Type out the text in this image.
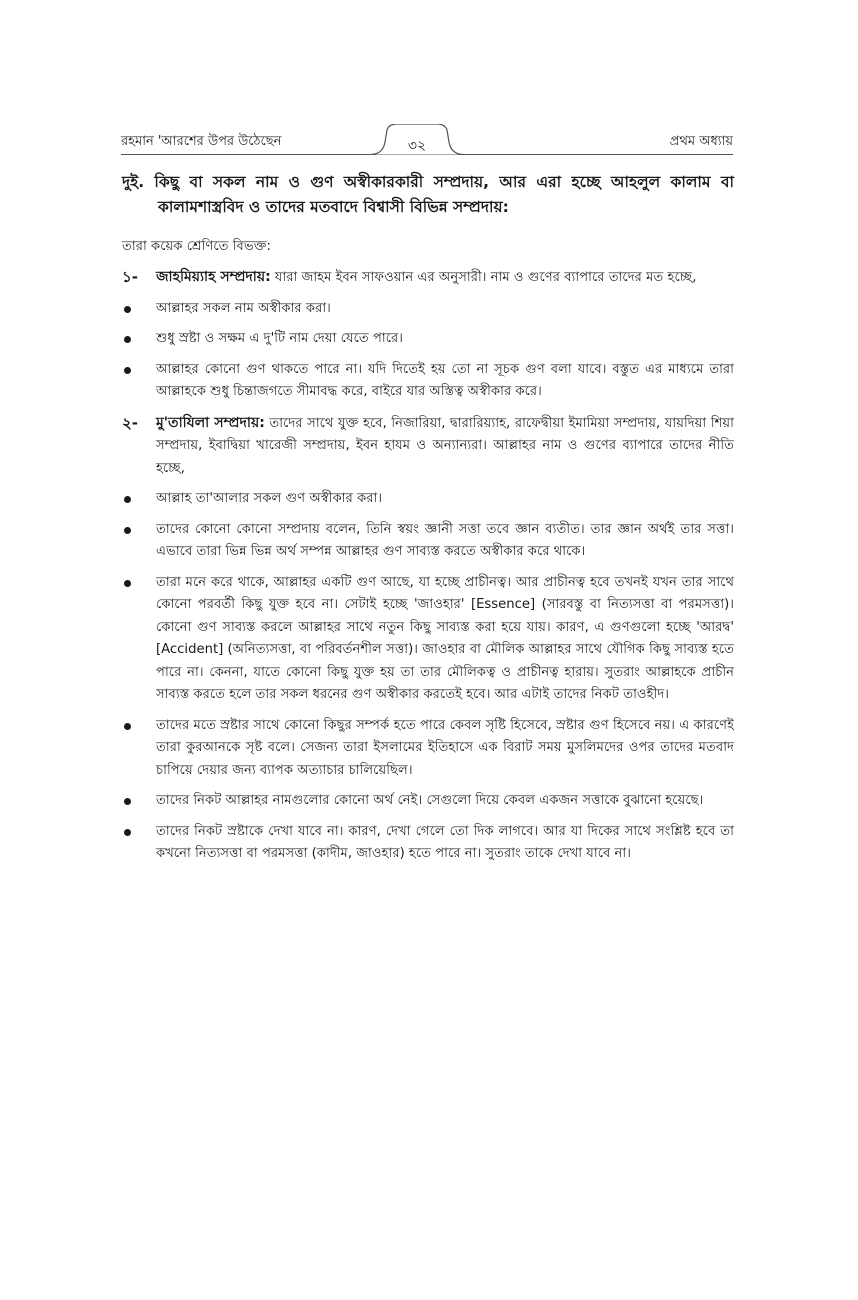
রহমান 'আরশের উপর উঠেছেন	৩২	প্রথম অধ্যায়

দুই. কিছু বা সকল নাম ও গুণ অস্বীকারকারী সম্প্রদায়, আর এরা হচ্ছে আহলুল কালাম বা কালামশাস্ত্রবিদ ও তাদের মতবাদে বিশ্বাসী বিভিন্ন সম্প্রদায়:

তারা কয়েক শ্রেণিতে বিভক্ত:

১- জাহমিয়্যাহ সম্প্রদায়: যারা জাহম ইবন সাফওয়ান এর অনুসারী। নাম ও গুণের ব্যাপারে তাদের মত হচ্ছে,
আল্লাহর সকল নাম অস্বীকার করা।
শুধু স্রষ্টা ও সক্ষম এ দু'টি নাম দেয়া যেতে পারে।
আল্লাহর কোনো গুণ থাকতে পারে না। যদি দিতেই হয় তো না সূচক গুণ বলা যাবে। বস্তুত এর মাধ্যমে তারা আল্লাহকে শুধু চিন্তাজগতে সীমাবদ্ধ করে, বাইরে যার অস্তিত্ব অস্বীকার করে।
২- মু'তাযিলা সম্প্রদায়: তাদের সাথে যুক্ত হবে, নিজারিয়া, দ্বারারিয়্যাহ, রাফেদ্বীয়া ইমামিয়া সম্প্রদায়, যায়দিয়া শিয়া সম্প্রদায়, ইবাদ্বিয়া খারেজী সম্প্রদায়, ইবন হাযম ও অন্যান্যরা। আল্লাহর নাম ও গুণের ব্যাপারে তাদের নীতি হচ্ছে,
আল্লাহ তা'আলার সকল গুণ অস্বীকার করা।
তাদের কোনো কোনো সম্প্রদায় বলেন, তিনি স্বয়ং জ্ঞানী সত্তা তবে জ্ঞান ব্যতীত। তার জ্ঞান অর্থই তার সত্তা। এভাবে তারা ভিন্ন ভিন্ন অর্থ সম্পন্ন আল্লাহর গুণ সাব্যস্ত করতে অস্বীকার করে থাকে।
তারা মনে করে থাকে, আল্লাহর একটি গুণ আছে, যা হচ্ছে প্রাচীনত্ব। আর প্রাচীনত্ব হবে তখনই যখন তার সাথে কোনো পরবর্তী কিছু যুক্ত হবে না। সেটাই হচ্ছে 'জাওহার' [Essence] (সারবস্তু বা নিত্যসত্তা বা পরমসত্তা)। কোনো গুণ সাব্যস্ত করলে আল্লাহর সাথে নতুন কিছু সাব্যস্ত করা হয়ে যায়। কারণ, এ গুণগুলো হচ্ছে 'আরদ্ব' [Accident] (অনিত্যসত্তা, বা পরিবর্তনশীল সত্তা)। জাওহার বা মৌলিক আল্লাহর সাথে যৌগিক কিছু সাব্যস্ত হতে পারে না। কেননা, যাতে কোনো কিছু যুক্ত হয় তা তার মৌলিকত্ব ও প্রাচীনত্ব হারায়। সুতরাং আল্লাহকে প্রাচীন সাব্যস্ত করতে হলে তার সকল ধরনের গুণ অস্বীকার করতেই হবে। আর এটাই তাদের নিকট তাওহীদ।
তাদের মতে স্রষ্টার সাথে কোনো কিছুর সম্পর্ক হতে পারে কেবল সৃষ্টি হিসেবে, স্রষ্টার গুণ হিসেবে নয়। এ কারণেই তারা কুরআনকে সৃষ্ট বলে। সেজন্য তারা ইসলামের ইতিহাসে এক বিরাট সময় মুসলিমদের ওপর তাদের মতবাদ চাপিয়ে দেয়ার জন্য ব্যাপক অত্যাচার চালিয়েছিল।
তাদের নিকট আল্লাহর নামগুলোর কোনো অর্থ নেই। সেগুলো দিয়ে কেবল একজন সত্তাকে বুঝানো হয়েছে।
তাদের নিকট স্রষ্টাকে দেখা যাবে না। কারণ, দেখা গেলে তো দিক লাগবে। আর যা দিকের সাথে সংশ্লিষ্ট হবে তা কখনো নিত্যসত্তা বা পরমসত্তা (কাদীম, জাওহার) হতে পারে না। সুতরাং তাকে দেখা যাবে না।
